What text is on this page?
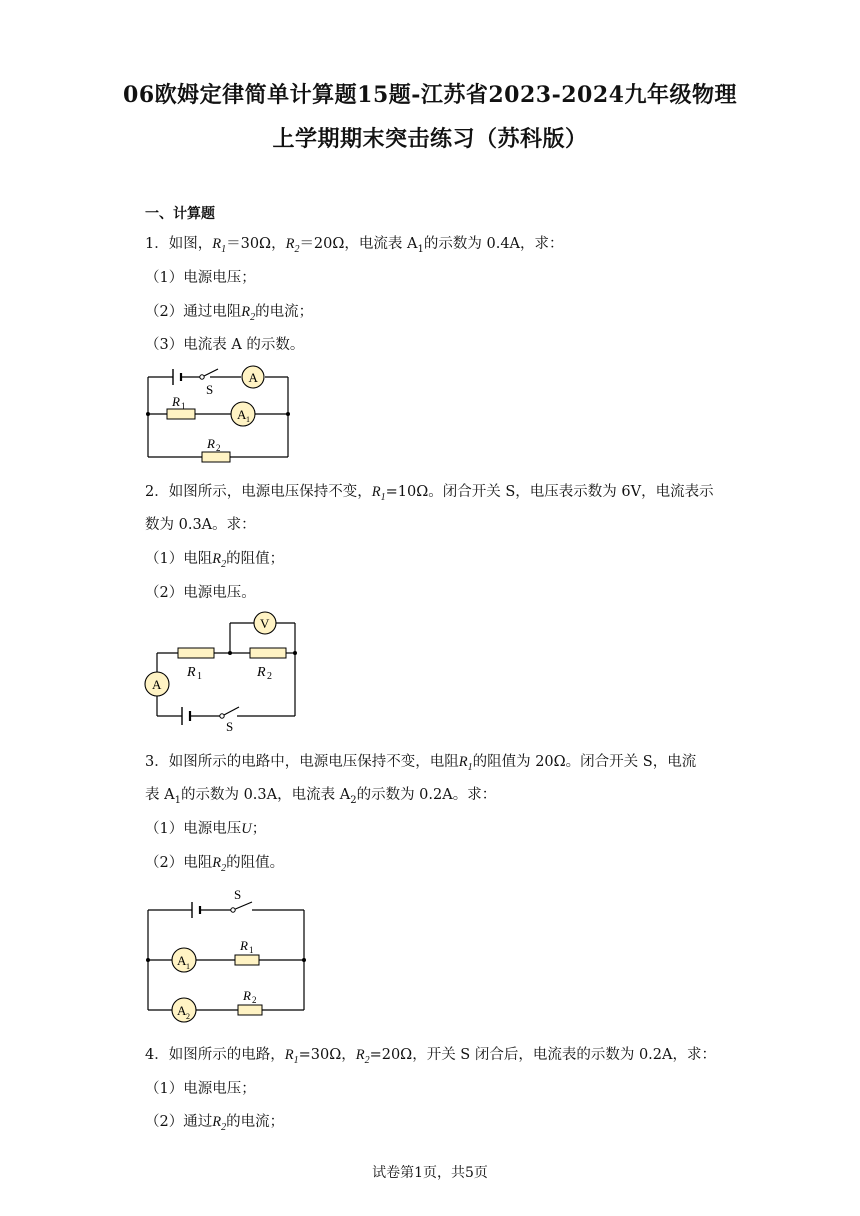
06欧姆定律简单计算题15题-江苏省2023-2024九年级物理
上学期期末突击练习（苏科版）
一、计算题
1．如图，$R_1=30\Omega$，$R_2=20\Omega$，电流表 $A_1$的示数为 0.4A，求：
（1）电源电压；
（2）通过电阻$R_2$的电流；
（3）电流表 A 的示数。
S
A
R 1
A 1
R 2
2．如图所示，电源电压保持不变，$R_1=10\Omega$。闭合开关 S，电压表示数为 6V，电流表示
数为 0.3A。求：
（1）电阻$R_2$的阻值；
（2）电源电压。
R 1	R 2
V
A
S
3．如图所示的电路中，电源电压保持不变，电阻$R_1$的阻值为 20Ω。闭合开关 S，电流
表 $A_1$的示数为 0.3A，电流表 $A_2$的示数为 0.2A。求：
（1）电源电压U；
（2）电阻$R_2$的阻值。
S
A 1
R 1
A 2
R 2
4．如图所示的电路，$R_1=30\Omega$，$R_2=20\Omega$，开关 S 闭合后，电流表的示数为 0.2A，求：
（1）电源电压；
（2）通过$R_2$的电流；
试卷第1页，共5页
